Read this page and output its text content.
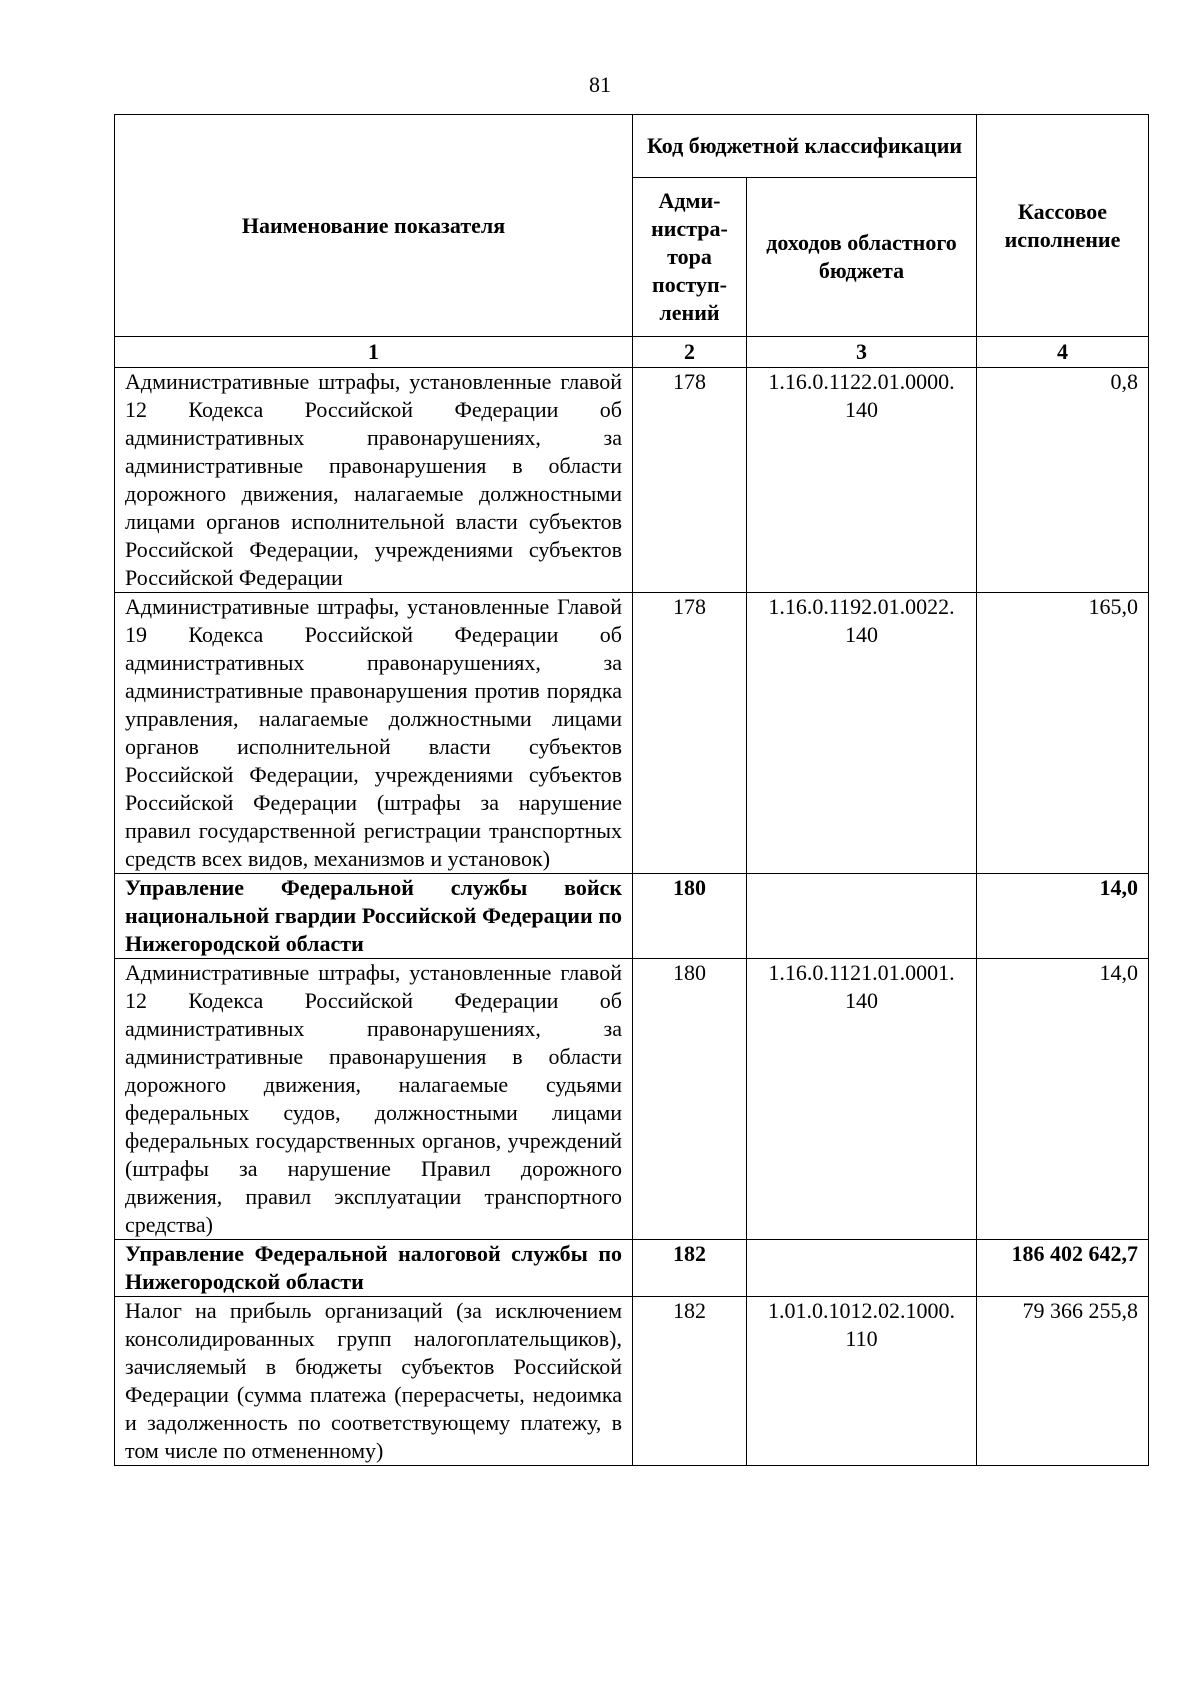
81
Наименование показателя	Код бюджетной классификации		Кассовое исполнение
	Адми-нистра-тора поступ-лений	доходов областного бюджета	
1	2	3	4
Административные штрафы, установленные главой 12 Кодекса Российской Федерации об административных правонарушениях, за административные правонарушения в области дорожного движения, налагаемые должностными лицами органов исполнительной власти субъектов Российской Федерации, учреждениями субъектов Российской Федерации	178	1.16.0.1122.01.0000. 140	0,8
Административные штрафы, установленные Главой 19 Кодекса Российской Федерации об административных правонарушениях, за административные правонарушения против порядка управления, налагаемые должностными лицами органов исполнительной власти субъектов Российской Федерации, учреждениями субъектов Российской Федерации (штрафы за нарушение правил государственной регистрации транспортных средств всех видов, механизмов и установок)	178	1.16.0.1192.01.0022. 140	165,0
Управление Федеральной службы войск национальной гвардии Российской Федерации по Нижегородской области	180		14,0
Административные штрафы, установленные главой 12 Кодекса Российской Федерации об административных правонарушениях, за административные правонарушения в области дорожного движения, налагаемые судьями федеральных судов, должностными лицами федеральных государственных органов, учреждений (штрафы за нарушение Правил дорожного движения, правил эксплуатации транспортного средства)	180	1.16.0.1121.01.0001. 140	14,0
Управление Федеральной налоговой службы по Нижегородской области	182		186 402 642,7
Налог на прибыль организаций (за исключением консолидированных групп налогоплательщиков), зачисляемый в бюджеты субъектов Российской Федерации (сумма платежа (перерасчеты, недоимка и задолженность по соответствующему платежу, в том числе по отмененному)	182	1.01.0.1012.02.1000. 110	79 366 255,8
